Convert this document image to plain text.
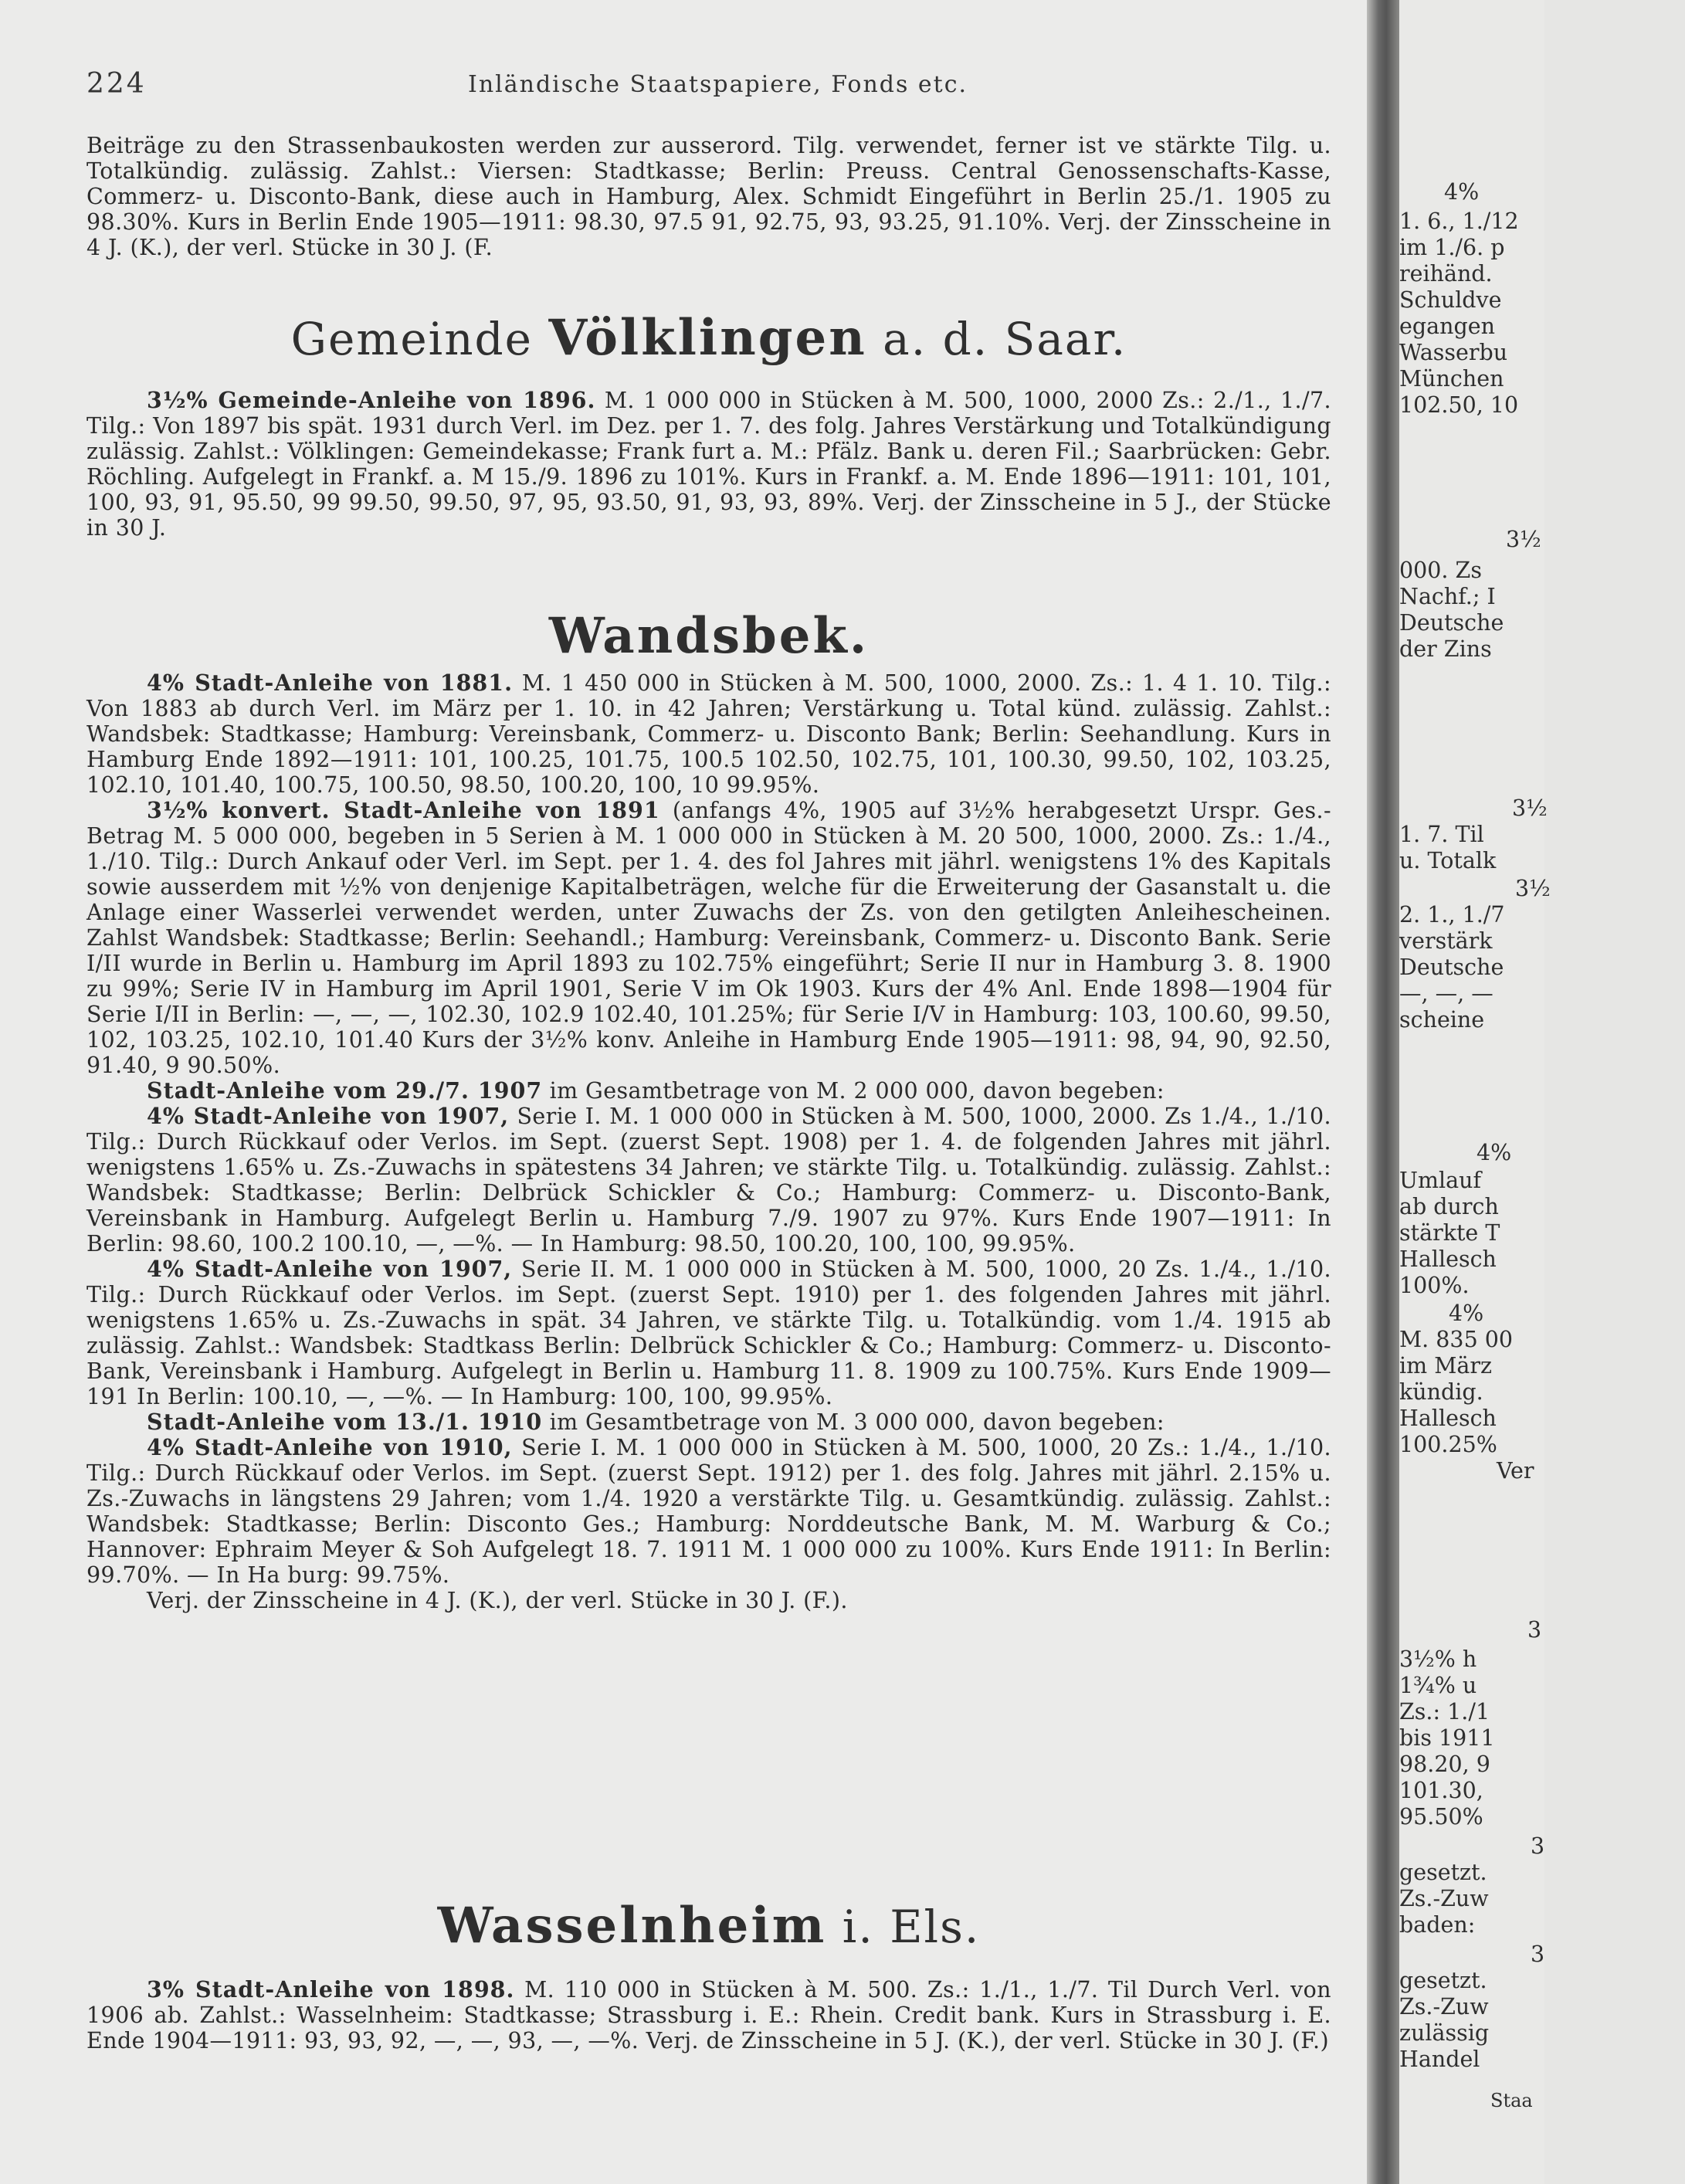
224	Inländische Staatspapiere, Fonds etc.

Beiträge zu den Strassenbaukosten werden zur ausserord. Tilg. verwendet, ferner ist ve stärkte Tilg. u. Totalkündig. zulässig. Zahlst.: Viersen: Stadtkasse; Berlin: Preuss. Central Genossenschafts-Kasse, Commerz- u. Disconto-Bank, diese auch in Hamburg, Alex. Schmidt Eingeführt in Berlin 25./1. 1905 zu 98.30%. Kurs in Berlin Ende 1905—1911: 98.30, 97.5 91, 92.75, 93, 93.25, 91.10%. Verj. der Zinsscheine in 4 J. (K.), der verl. Stücke in 30 J. (F.

Gemeinde Völklingen a. d. Saar.

3½% Gemeinde-Anleihe von 1896. M. 1 000 000 in Stücken à M. 500, 1000, 2000 Zs.: 2./1., 1./7. Tilg.: Von 1897 bis spät. 1931 durch Verl. im Dez. per 1. 7. des folg. Jahres Verstärkung und Totalkündigung zulässig. Zahlst.: Völklingen: Gemeindekasse; Frank furt a. M.: Pfälz. Bank u. deren Fil.; Saarbrücken: Gebr. Röchling. Aufgelegt in Frankf. a. M 15./9. 1896 zu 101%. Kurs in Frankf. a. M. Ende 1896—1911: 101, 101, 100, 93, 91, 95.50, 99 99.50, 99.50, 97, 95, 93.50, 91, 93, 93, 89%. Verj. der Zinsscheine in 5 J., der Stücke in 30 J.

Wandsbek.

4% Stadt-Anleihe von 1881. M. 1 450 000 in Stücken à M. 500, 1000, 2000. Zs.: 1. 4 1. 10. Tilg.: Von 1883 ab durch Verl. im März per 1. 10. in 42 Jahren; Verstärkung u. Total künd. zulässig. Zahlst.: Wandsbek: Stadtkasse; Hamburg: Vereinsbank, Commerz- u. Disconto Bank; Berlin: Seehandlung. Kurs in Hamburg Ende 1892—1911: 101, 100.25, 101.75, 100.5 102.50, 102.75, 101, 100.30, 99.50, 102, 103.25, 102.10, 101.40, 100.75, 100.50, 98.50, 100.20, 100, 10 99.95%.

3½% konvert. Stadt-Anleihe von 1891 (anfangs 4%, 1905 auf 3½% herabgesetzt Urspr. Ges.-Betrag M. 5 000 000, begeben in 5 Serien à M. 1 000 000 in Stücken à M. 20 500, 1000, 2000. Zs.: 1./4., 1./10. Tilg.: Durch Ankauf oder Verl. im Sept. per 1. 4. des fol Jahres mit jährl. wenigstens 1% des Kapitals sowie ausserdem mit ½% von denjenige Kapitalbeträgen, welche für die Erweiterung der Gasanstalt u. die Anlage einer Wasserlei verwendet werden, unter Zuwachs der Zs. von den getilgten Anleihescheinen. Zahlst Wandsbek: Stadtkasse; Berlin: Seehandl.; Hamburg: Vereinsbank, Commerz- u. Disconto Bank. Serie I/II wurde in Berlin u. Hamburg im April 1893 zu 102.75% eingeführt; Serie II nur in Hamburg 3. 8. 1900 zu 99%; Serie IV in Hamburg im April 1901, Serie V im Ok 1903. Kurs der 4% Anl. Ende 1898—1904 für Serie I/II in Berlin: —, —, —, 102.30, 102.9 102.40, 101.25%; für Serie I/V in Hamburg: 103, 100.60, 99.50, 102, 103.25, 102.10, 101.40 Kurs der 3½% konv. Anleihe in Hamburg Ende 1905—1911: 98, 94, 90, 92.50, 91.40, 9 90.50%.

Stadt-Anleihe vom 29./7. 1907 im Gesamtbetrage von M. 2 000 000, davon begeben:

4% Stadt-Anleihe von 1907, Serie I. M. 1 000 000 in Stücken à M. 500, 1000, 2000. Zs 1./4., 1./10. Tilg.: Durch Rückkauf oder Verlos. im Sept. (zuerst Sept. 1908) per 1. 4. de folgenden Jahres mit jährl. wenigstens 1.65% u. Zs.-Zuwachs in spätestens 34 Jahren; ve stärkte Tilg. u. Totalkündig. zulässig. Zahlst.: Wandsbek: Stadtkasse; Berlin: Delbrück Schickler & Co.; Hamburg: Commerz- u. Disconto-Bank, Vereinsbank in Hamburg. Aufgelegt Berlin u. Hamburg 7./9. 1907 zu 97%. Kurs Ende 1907—1911: In Berlin: 98.60, 100.2 100.10, —, —%. — In Hamburg: 98.50, 100.20, 100, 100, 99.95%.

4% Stadt-Anleihe von 1907, Serie II. M. 1 000 000 in Stücken à M. 500, 1000, 20 Zs. 1./4., 1./10. Tilg.: Durch Rückkauf oder Verlos. im Sept. (zuerst Sept. 1910) per 1. des folgenden Jahres mit jährl. wenigstens 1.65% u. Zs.-Zuwachs in spät. 34 Jahren, ve stärkte Tilg. u. Totalkündig. vom 1./4. 1915 ab zulässig. Zahlst.: Wandsbek: Stadtkass Berlin: Delbrück Schickler & Co.; Hamburg: Commerz- u. Disconto-Bank, Vereinsbank i Hamburg. Aufgelegt in Berlin u. Hamburg 11. 8. 1909 zu 100.75%. Kurs Ende 1909—191 In Berlin: 100.10, —, —%. — In Hamburg: 100, 100, 99.95%.

Stadt-Anleihe vom 13./1. 1910 im Gesamtbetrage von M. 3 000 000, davon begeben:

4% Stadt-Anleihe von 1910, Serie I. M. 1 000 000 in Stücken à M. 500, 1000, 20 Zs.: 1./4., 1./10. Tilg.: Durch Rückkauf oder Verlos. im Sept. (zuerst Sept. 1912) per 1. des folg. Jahres mit jährl. 2.15% u. Zs.-Zuwachs in längstens 29 Jahren; vom 1./4. 1920 a verstärkte Tilg. u. Gesamtkündig. zulässig. Zahlst.: Wandsbek: Stadtkasse; Berlin: Disconto Ges.; Hamburg: Norddeutsche Bank, M. M. Warburg & Co.; Hannover: Ephraim Meyer & Soh Aufgelegt 18. 7. 1911 M. 1 000 000 zu 100%. Kurs Ende 1911: In Berlin: 99.70%. — In Ha burg: 99.75%.

Verj. der Zinsscheine in 4 J. (K.), der verl. Stücke in 30 J. (F.).

Wasselnheim i. Els.

3% Stadt-Anleihe von 1898. M. 110 000 in Stücken à M. 500. Zs.: 1./1., 1./7. Til Durch Verl. von 1906 ab. Zahlst.: Wasselnheim: Stadtkasse; Strassburg i. E.: Rhein. Credit bank. Kurs in Strassburg i. E. Ende 1904—1911: 93, 93, 92, —, —, 93, —, —%. Verj. de Zinsscheine in 5 J. (K.), der verl. Stücke in 30 J. (F.)

4%
1. 6., 1./12
im 1./6. p
reihänd.
Schuldve
egangen
Wasserbu
München
102.50, 10
3½
000. Zs
Nachf.; I
Deutsche
der Zins
3½
1. 7. Til
u. Totalk
3½
2. 1., 1./7
verstärk
Deutsche
—, —, —
scheine
4%
Umlauf
ab durch
stärkte T
Hallesch
100%.
4%
M. 835 00
im März
kündig.
Hallesch
100.25%
Ver
3
3½% h
1¾% u
Zs.: 1./1
bis 1911
98.20, 9
101.30,
95.50%
3
gesetzt.
Zs.-Zuw
baden:
3
gesetzt.
Zs.-Zuw
zulässig
Handel
Staa
